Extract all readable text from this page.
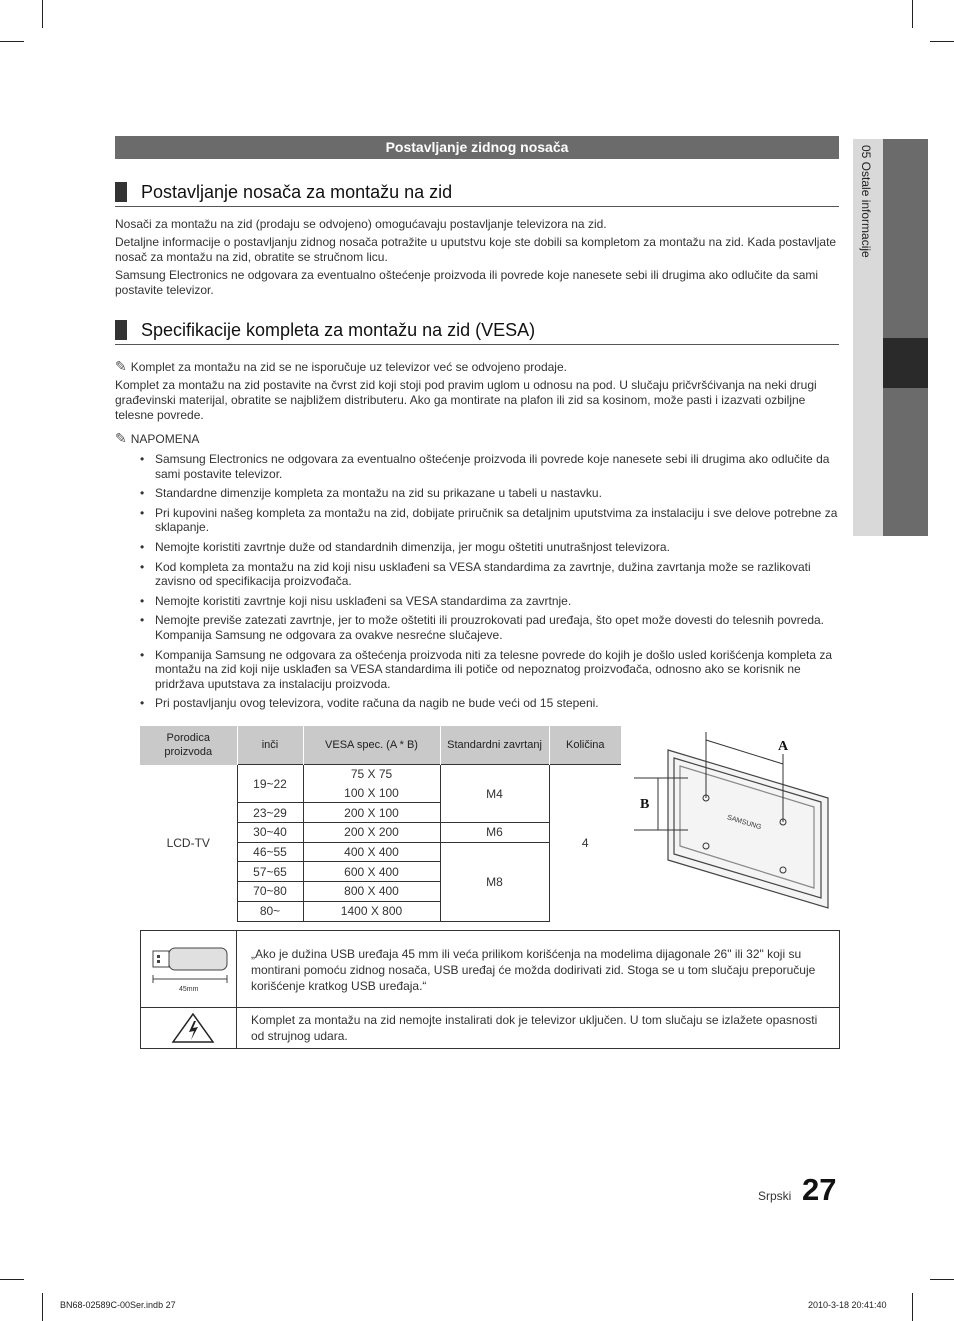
05 Ostale informacije
Postavljanje zidnog nosača
Postavljanje nosača za montažu na zid

Nosači za montažu na zid (prodaju se odvojeno) omogućavaju postavljanje televizora na zid.

Detaljne informacije o postavljanju zidnog nosača potražite u uputstvu koje ste dobili sa kompletom za montažu na zid. Kada postavljate nosač za montažu na zid, obratite se stručnom licu.

Samsung Electronics ne odgovara za eventualno oštećenje proizvoda ili povrede koje nanesete sebi ili drugima ako odlučite da sami postavite televizor.

Specifikacije kompleta za montažu na zid (VESA)
✎ Komplet za montažu na zid se ne isporučuje uz televizor već se odvojeno prodaje.

Komplet za montažu na zid postavite na čvrst zid koji stoji pod pravim uglom u odnosu na pod. U slučaju pričvršćivanja na neki drugi građevinski materijal, obratite se najbližem distributeru. Ako ga montirate na plafon ili zid sa kosinom, može pasti i izazvati ozbiljne telesne povrede.

✎ NAPOMENA
• Samsung Electronics ne odgovara za eventualno oštećenje proizvoda ili povrede koje nanesete sebi ili drugima ako odlučite da sami postavite televizor.
• Standardne dimenzije kompleta za montažu na zid su prikazane u tabeli u nastavku.
• Pri kupovini našeg kompleta za montažu na zid, dobijate priručnik sa detaljnim uputstvima za instalaciju i sve delove potrebne za sklapanje.
• Nemojte koristiti zavrtnje duže od standardnih dimenzija, jer mogu oštetiti unutrašnjost televizora.
• Kod kompleta za montažu na zid koji nisu usklađeni sa VESA standardima za zavrtnje, dužina zavrtanja može se razlikovati zavisno od specifikacija proizvođača.
• Nemojte koristiti zavrtnje koji nisu usklađeni sa VESA standardima za zavrtnje.
• Nemojte previše zatezati zavrtnje, jer to može oštetiti ili prouzrokovati pad uređaja, što opet može dovesti do telesnih povreda. Kompanija Samsung ne odgovara za ovakve nesrećne slučajeve.
• Kompanija Samsung ne odgovara za oštećenja proizvoda niti za telesne povrede do kojih je došlo usled korišćenja kompleta za montažu na zid koji nije usklađen sa VESA standardima ili potiče od nepoznatog proizvođača, odnosno ako se korisnik ne pridržava uputstava za instalaciju proizvoda.
• Pri postavljanju ovog televizora, vodite računa da nagib ne bude veći od 15 stepeni.
Porodica proizvoda	inči	VESA spec. (A * B)	Standardni zavrtanj	Količina
LCD-TV	19~22	75 X 75	M4	4
		100 X 100		
	23~29	200 X 100		
	30~40	200 X 200	M6	
	46~55	400 X 400	M8	
	57~65	600 X 400		
	70~80	800 X 400		
	80~	1400 X 800		
A
B
SAMSUNG
45mm
„Ako je dužina USB uređaja 45 mm ili veća prilikom korišćenja na modelima dijagonale 26" ili 32" koji su montirani pomoću zidnog nosača, USB uređaj će možda dodirivati zid. Stoga se u tom slučaju preporučuje korišćenje kratkog USB uređaja.“
Komplet za montažu na zid nemojte instalirati dok je televizor uključen. U tom slučaju se izlažete opasnosti od strujnog udara.
Srpski 27
BN68-02589C-00Ser.indb 27	2010-3-18 20:41:40
